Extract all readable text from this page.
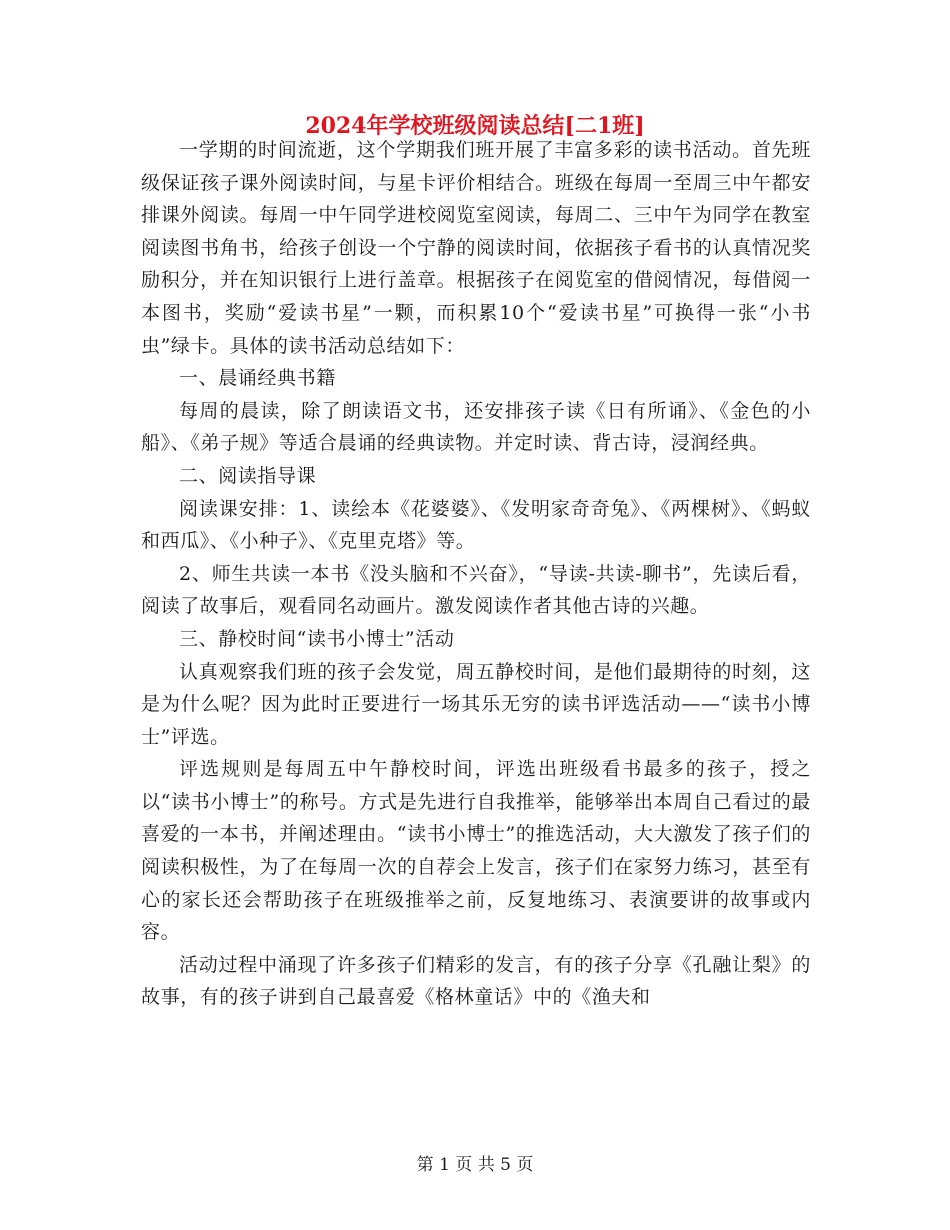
2024年学校班级阅读总结[二1班]

一学期的时间流逝，这个学期我们班开展了丰富多彩的读书活动。首先班级保证孩子课外阅读时间，与星卡评价相结合。班级在每周一至周三中午都安排课外阅读。每周一中午同学进校阅览室阅读，每周二、三中午为同学在教室阅读图书角书，给孩子创设一个宁静的阅读时间，依据孩子看书的认真情况奖励积分，并在知识银行上进行盖章。根据孩子在阅览室的借阅情况，每借阅一本图书，奖励“爱读书星”一颗，而积累10个“爱读书星”可换得一张“小书虫”绿卡。具体的读书活动总结如下：

一、晨诵经典书籍

每周的晨读，除了朗读语文书，还安排孩子读《日有所诵》、《金色的小船》、《弟子规》等适合晨诵的经典读物。并定时读、背古诗，浸润经典。

二、阅读指导课

阅读课安排：1、读绘本《花婆婆》、《发明家奇奇兔》、《两棵树》、《蚂蚁和西瓜》、《小种子》、《克里克塔》等。

2、师生共读一本书《没头脑和不兴奋》，“导读-共读-聊书”，先读后看，阅读了故事后，观看同名动画片。激发阅读作者其他古诗的兴趣。

三、静校时间“读书小博士”活动

认真观察我们班的孩子会发觉，周五静校时间，是他们最期待的时刻，这是为什么呢？因为此时正要进行一场其乐无穷的读书评选活动——“读书小博士”评选。

评选规则是每周五中午静校时间，评选出班级看书最多的孩子，授之以“读书小博士”的称号。方式是先进行自我推举，能够举出本周自己看过的最喜爱的一本书，并阐述理由。“读书小博士”的推选活动，大大激发了孩子们的阅读积极性，为了在每周一次的自荐会上发言，孩子们在家努力练习，甚至有心的家长还会帮助孩子在班级推举之前，反复地练习、表演要讲的故事或内容。

活动过程中涌现了许多孩子们精彩的发言，有的孩子分享《孔融让梨》的故事，有的孩子讲到自己最喜爱《格林童话》中的《渔夫和

第 1 页 共 5 页
